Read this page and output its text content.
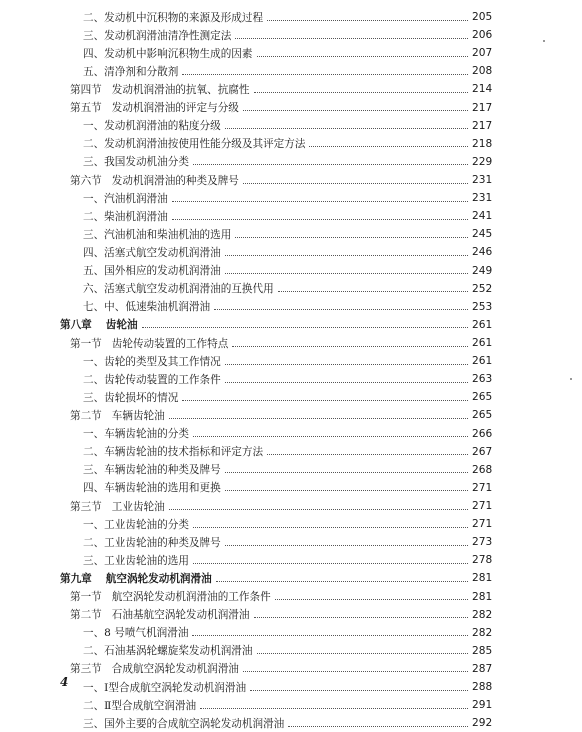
二、发动机中沉积物的来源及形成过程	205
三、发动机润滑油清净性测定法	206
四、发动机中影响沉积物生成的因素	207
五、清净剂和分散剂	208
第四节 发动机润滑油的抗氧、抗腐性	214
第五节 发动机润滑油的评定与分级	217
一、发动机润滑油的粘度分级	217
二、发动机润滑油按使用性能分级及其评定方法	218
三、我国发动机油分类	229
第六节 发动机润滑油的种类及牌号	231
一、汽油机润滑油	231
二、柴油机润滑油	241
三、汽油机油和柴油机油的选用	245
四、活塞式航空发动机润滑油	246
五、国外相应的发动机润滑油	249
六、活塞式航空发动机润滑油的互换代用	252
七、中、低速柴油机润滑油	253
第八章 齿轮油	261
第一节 齿轮传动装置的工作特点	261
一、齿轮的类型及其工作情况	261
二、齿轮传动装置的工作条件	263
三、齿轮损坏的情况	265
第二节 车辆齿轮油	265
一、车辆齿轮油的分类	266
二、车辆齿轮油的技术指标和评定方法	267
三、车辆齿轮油的种类及牌号	268
四、车辆齿轮油的选用和更换	271
第三节 工业齿轮油	271
一、工业齿轮油的分类	271
二、工业齿轮油的种类及牌号	273
三、工业齿轮油的选用	278
第九章 航空涡轮发动机润滑油	281
第一节 航空涡轮发动机润滑油的工作条件	281
第二节 石油基航空涡轮发动机润滑油	282
一、8 号喷气机润滑油	282
二、石油基涡轮螺旋桨发动机润滑油	285
第三节 合成航空涡轮发动机润滑油	287
一、Ⅰ型合成航空涡轮发动机润滑油	288
二、Ⅱ型合成航空润滑油	291
三、国外主要的合成航空涡轮发动机润滑油	292
4
